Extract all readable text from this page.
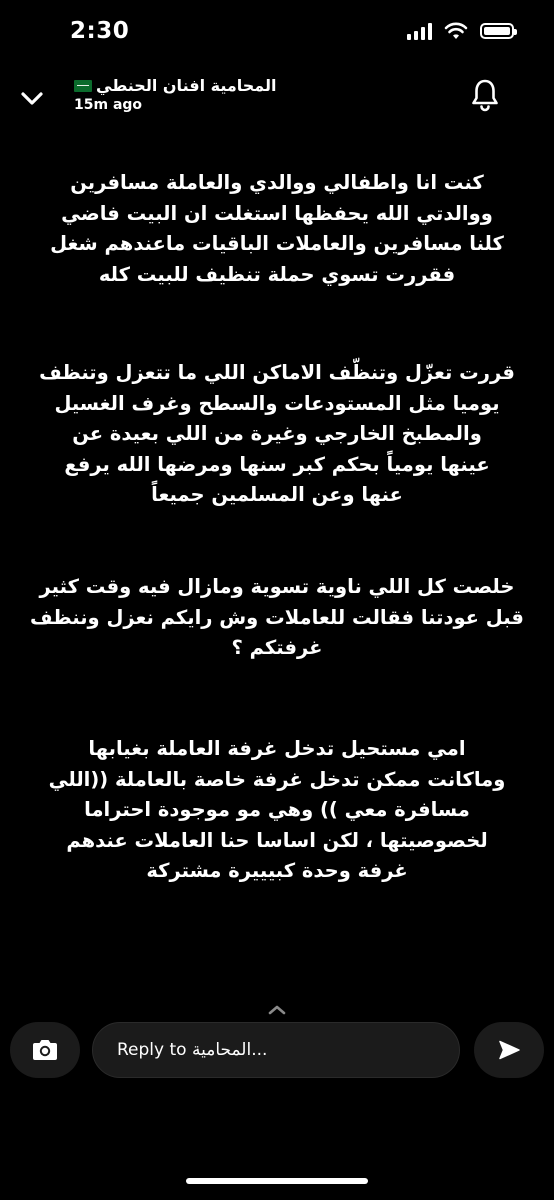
2:30
المحامية افنان الحنطي
15m ago

كنت انا واطفالي ووالدي والعاملة مسافرين
ووالدتي الله يحفظها استغلت ان البيت فاضي
كلنا مسافرين والعاملات الباقيات ماعندهم شغل
فقررت تسوي حملة تنظيف للبيت كله

قررت تعزّل وتنظّف الاماكن اللي ما تتعزل وتنظف
يوميا مثل المستودعات والسطح وغرف الغسيل
والمطبخ الخارجي وغيرة من اللي بعيدة عن
عينها يومياً بحكم كبر سنها ومرضها الله يرفع
عنها وعن المسلمين جميعاً

خلصت كل اللي ناوية تسوية ومازال فيه وقت كثير
قبل عودتنا فقالت للعاملات وش رايكم نعزل وننظف
غرفتكم ؟

امي مستحيل تدخل غرفة العاملة بغيابها
وماكانت ممكن تدخل غرفة خاصة بالعاملة ((اللي
مسافرة معي )) وهي مو موجودة احتراما
لخصوصيتها ، لكن اساسا حنا العاملات عندهم
غرفة وحدة كبيييرة مشتركة

Reply to المحامية...
